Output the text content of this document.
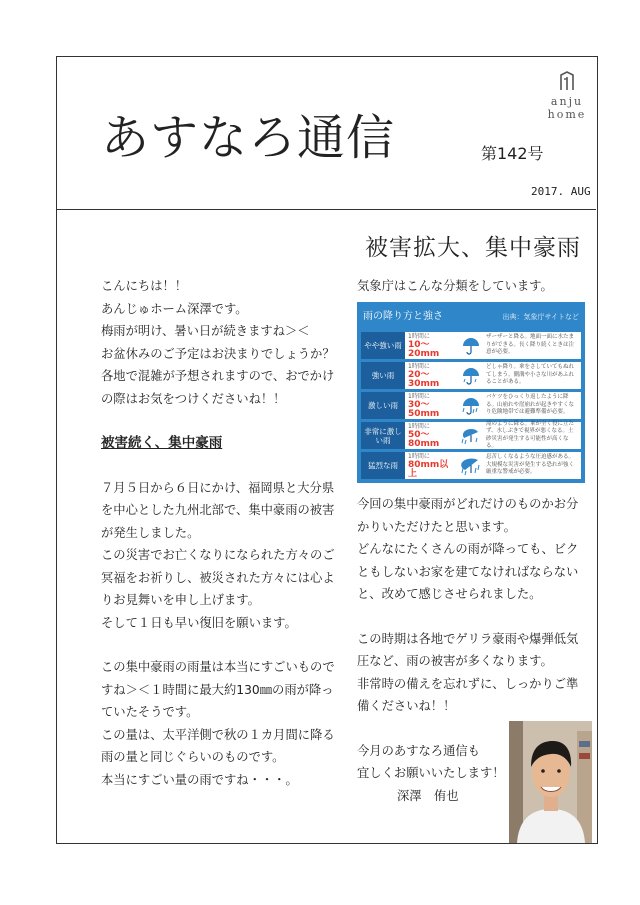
あすなろ通信	第142号
anju
home
2017. AUG
被害拡大、集中豪雨

こんにちは！！

あんじゅホーム深澤です。

梅雨が明け、暑い日が続きますね＞＜

お盆休みのご予定はお決まりでしょうか？

各地で混雑が予想されますので、おでかけ

の際はお気をつけくださいね！！

被害続く、集中豪雨

７月５日から６日にかけ、福岡県と大分県

を中心とした九州北部で、集中豪雨の被害

が発生しました。

この災害でお亡くなりになられた方々のご

冥福をお祈りし、被災された方々には心よ

りお見舞いを申し上げます。

そして１日も早い復旧を願います。

この集中豪雨の雨量は本当にすごいもので

すね＞＜１時間に最大約130㎜の雨が降っ

ていたそうです。

この量は、太平洋側で秋の１カ月間に降る

雨の量と同じぐらいのものです。

本当にすごい量の雨ですね・・・。

気象庁はこんな分類をしています。

雨の降り方と強さ	出典：気象庁サイトなど
やや強い雨
1時間に
10〜20mm
ザーザーと降る。地面一面に水たまりができる。長く降り続くときは注意が必要。
強い雨
1時間に
20〜30mm
どしゃ降り。傘をさしていてもぬれてしまう。側溝や小さな川があふれることがある。
激しい雨
1時間に
30〜50mm
バケツをひっくり返したように降る。山崩れや崖崩れが起きやすくなり危険地帯では避難準備が必要。
非常に激しい雨
1時間に
50〜80mm
滝のように降る。傘が全く役に立たず、水しぶきで視界が悪くなる。土砂災害が発生する可能性が高くなる。
猛烈な雨
1時間に
80mm以上
息苦しくなるような圧迫感がある。大規模な災害が発生する恐れが強く厳重な警戒が必要。

今回の集中豪雨がどれだけのものかお分

かりいただけたと思います。

どんなにたくさんの雨が降っても、ビク

ともしないお家を建てなければならない

と、改めて感じさせられました。

この時期は各地でゲリラ豪雨や爆弾低気

圧など、雨の被害が多くなります。

非常時の備えを忘れずに、しっかりご準

備くださいね！！

今月のあすなろ通信も

宜しくお願いいたします！

深澤　侑也
